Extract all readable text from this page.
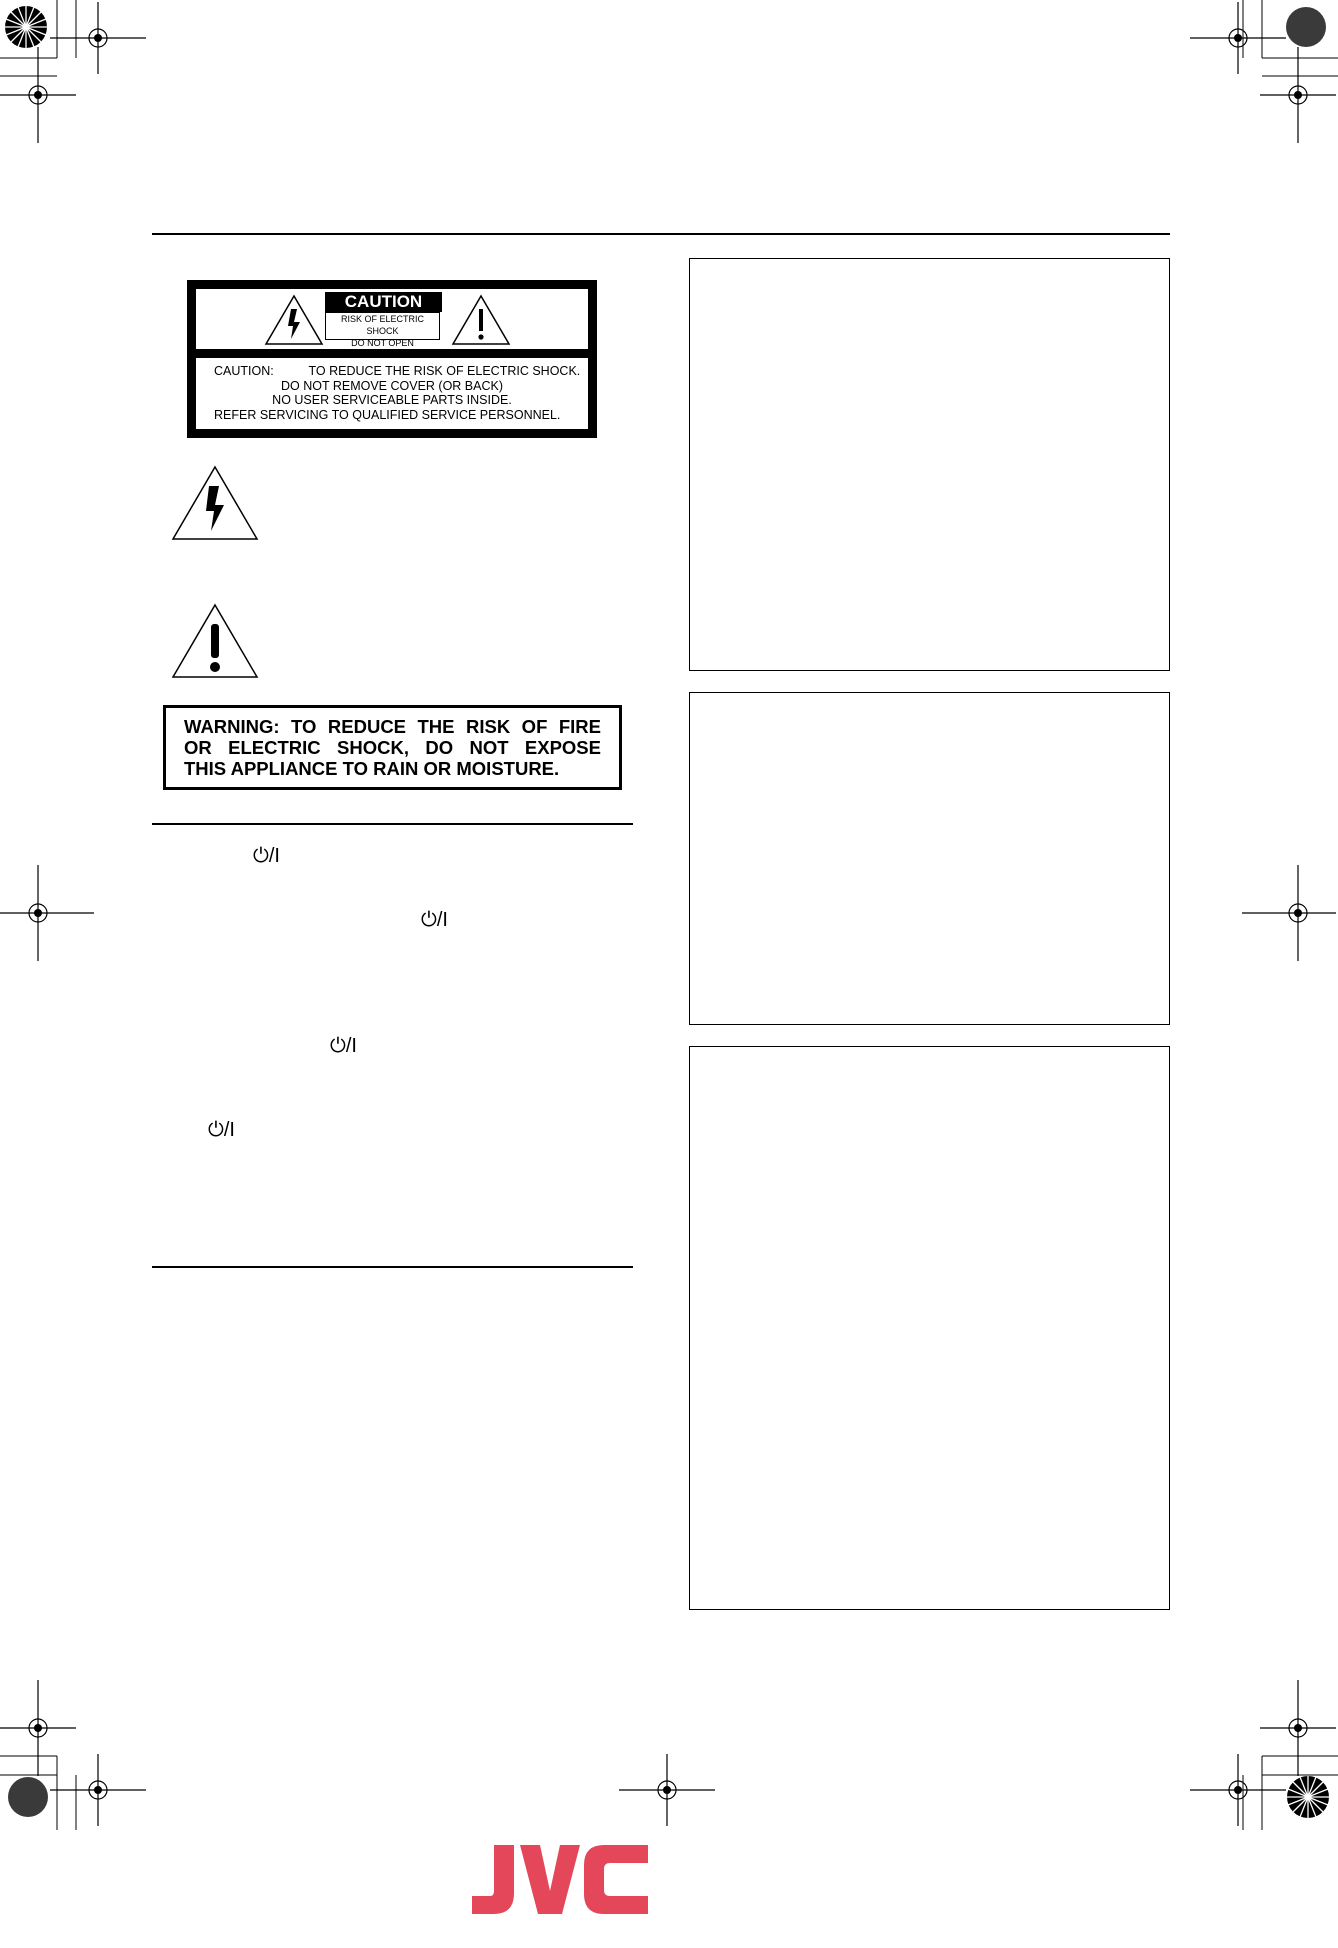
CAUTION
RISK OF ELECTRIC SHOCK
DO NOT OPEN
CAUTION:	TO REDUCE THE RISK OF ELECTRIC SHOCK.
DO NOT REMOVE COVER (OR BACK)
NO USER SERVICEABLE PARTS INSIDE.
REFER SERVICING TO QUALIFIED SERVICE PERSONNEL.
WARNING: TO REDUCE THE RISK OF FIRE
OR ELECTRIC SHOCK, DO NOT EXPOSE
THIS APPLIANCE TO RAIN OR MOISTURE.
⏻/I
⏻/I
⏻/I
⏻/I
